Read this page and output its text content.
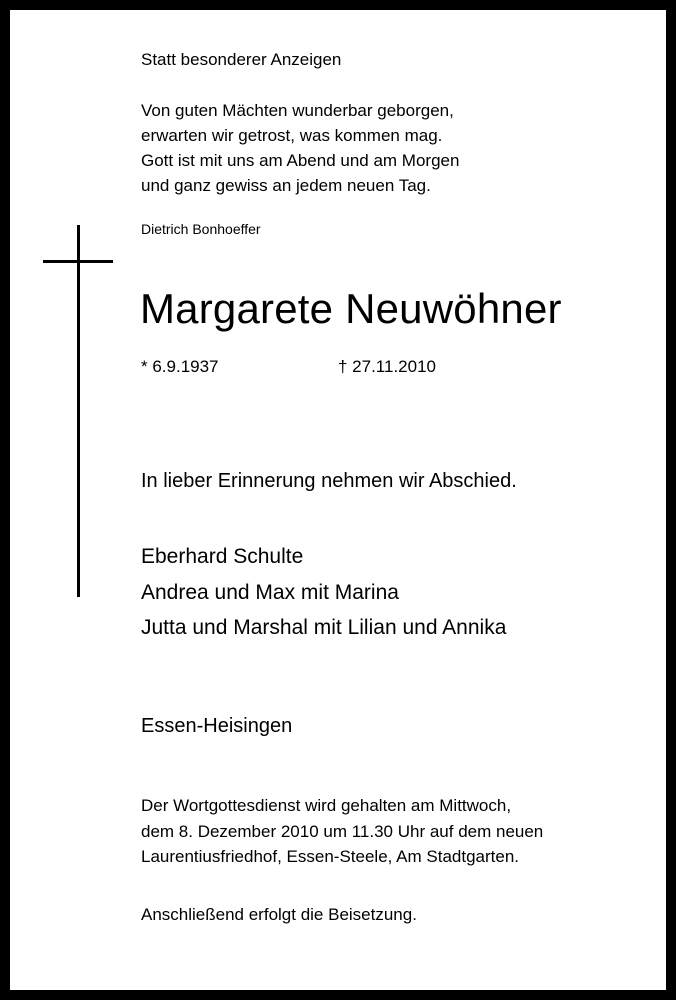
Statt besonderer Anzeigen

Von guten Mächten wunderbar geborgen,
erwarten wir getrost, was kommen mag.
Gott ist mit uns am Abend und am Morgen
und ganz gewiss an jedem neuen Tag.

Dietrich Bonhoeffer

Margarete Neuwöhner

* 6.9.1937	† 27.11.2010

In lieber Erinnerung nehmen wir Abschied.

Eberhard Schulte
Andrea und Max mit Marina
Jutta und Marshal mit Lilian und Annika

Essen-Heisingen

Der Wortgottesdienst wird gehalten am Mittwoch,
dem 8. Dezember 2010 um 11.30 Uhr auf dem neuen
Laurentiusfriedhof, Essen-Steele, Am Stadtgarten.

Anschließend erfolgt die Beisetzung.
